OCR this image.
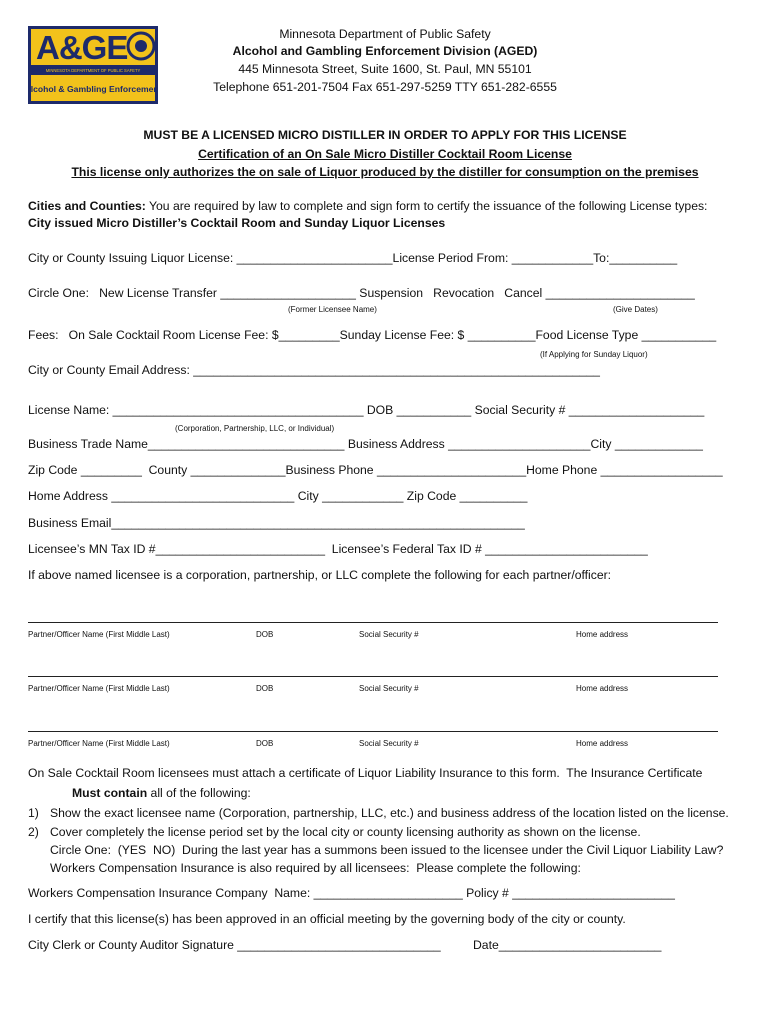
A&GE
MINNESOTA DEPARTMENT OF PUBLIC SAFETY
Alcohol & Gambling Enforcement
Minnesota Department of Public Safety
Alcohol and Gambling Enforcement Division (AGED)
445 Minnesota Street, Suite 1600, St. Paul, MN 55101
Telephone 651-201-7504 Fax 651-297-5259 TTY 651-282-6555
MUST BE A LICENSED MICRO DISTILLER IN ORDER TO APPLY FOR THIS LICENSE
Certification of an On Sale Micro Distiller Cocktail Room License
This license only authorizes the on sale of Liquor produced by the distiller for consumption on the premises
Cities and Counties: You are required by law to complete and sign form to certify the issuance of the following License types:
City issued Micro Distiller’s Cocktail Room and Sunday Liquor Licenses
City or County Issuing Liquor License: _______________________License Period From: ____________To:__________
Circle One:   New License Transfer ____________________ Suspension   Revocation   Cancel ______________________
(Former Licensee Name)	(Give Dates)
Fees:   On Sale Cocktail Room License Fee: $_________Sunday License Fee: $ __________Food License Type ___________
(If Applying for Sunday Liquor)
City or County Email Address: ____________________________________________________________
License Name: _____________________________________ DOB ___________ Social Security # ____________________
(Corporation, Partnership, LLC, or Individual)
Business Trade Name_____________________________ Business Address _____________________City _____________
Zip Code _________  County ______________Business Phone ______________________Home Phone __________________
Home Address ___________________________ City ____________ Zip Code __________
Business Email_____________________________________________________________
Licensee’s MN Tax ID #_________________________  Licensee’s Federal Tax ID # ________________________
If above named licensee is a corporation, partnership, or LLC complete the following for each partner/officer:
Partner/Officer Name (First Middle Last)	DOB	Social Security #	Home address
Partner/Officer Name (First Middle Last)	DOB	Social Security #	Home address
Partner/Officer Name (First Middle Last)	DOB	Social Security #	Home address
On Sale Cocktail Room licensees must attach a certificate of Liquor Liability Insurance to this form.  The Insurance Certificate
Must contain all of the following:
1) Show the exact licensee name (Corporation, partnership, LLC, etc.) and business address of the location listed on the license.
2) Cover completely the license period set by the local city or county licensing authority as shown on the license.
Circle One:  (YES  NO)  During the last year has a summons been issued to the licensee under the Civil Liquor Liability Law?
Workers Compensation Insurance is also required by all licensees:  Please complete the following:
Workers Compensation Insurance Company  Name: ______________________ Policy # ________________________
I certify that this license(s) has been approved in an official meeting by the governing body of the city or county.
City Clerk or County Auditor Signature ______________________________	Date________________________
